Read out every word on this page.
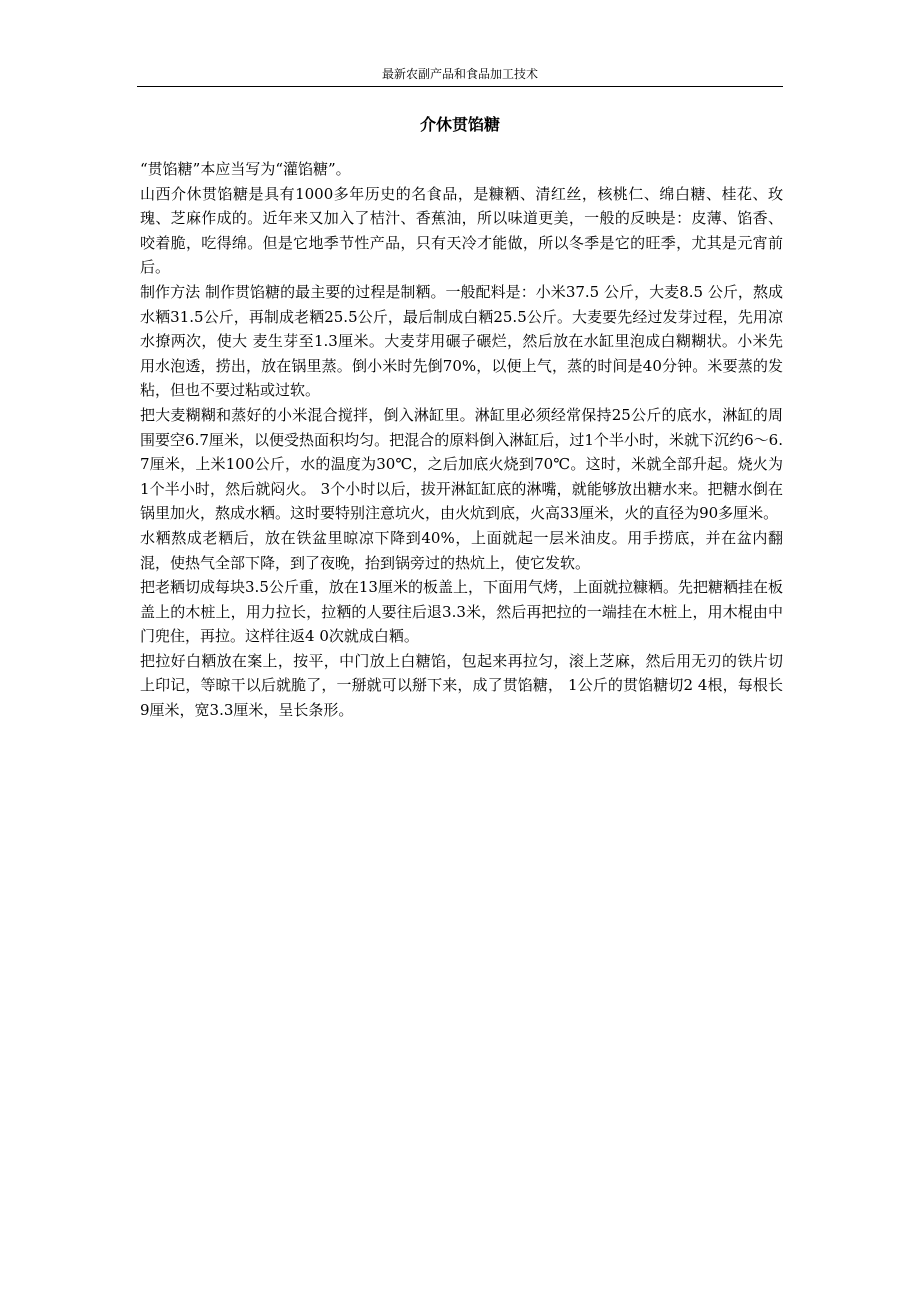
最新农副产品和食品加工技术
介休贯馅糖

“贯馅糖”本应当写为“灌馅糖”。

山西介休贯馅糖是具有1000多年历史的名食品，是糠粞、清红丝，核桃仁、绵白糖、桂花、玫瑰、芝麻作成的。近年来又加入了桔汁、香蕉油，所以味道更美，一般的反映是：皮薄、馅香、咬着脆，吃得绵。但是它地季节性产品，只有天冷才能做，所以冬季是它的旺季，尤其是元宵前后。

制作方法 制作贯馅糖的最主要的过程是制粞。一般配料是：小米37.5 公斤，大麦8.5 公斤，熬成水粞31.5公斤，再制成老粞25.5公斤，最后制成白粞25.5公斤。大麦要先经过发芽过程，先用凉水撩两次，使大 麦生芽至1.3厘米。大麦芽用碾子碾烂，然后放在水缸里泡成白糊糊状。小米先用水泡透，捞出，放在锅里蒸。倒小米时先倒70%，以便上气，蒸的时间是40分钟。米要蒸的发粘，但也不要过粘或过软。

把大麦糊糊和蒸好的小米混合搅拌，倒入淋缸里。淋缸里必须经常保持25公斤的底水，淋缸的周围要空6.7厘米，以便受热面积均匀。把混合的原料倒入淋缸后，过1个半小时，米就下沉约6～6.7厘米，上米100公斤，水的温度为30℃，之后加底火烧到70℃。这时，米就全部升起。烧火为1个半小时，然后就闷火。 3个小时以后，拔开淋缸缸底的淋嘴，就能够放出糖水来。把糖水倒在锅里加火，熬成水粞。这时要特别注意坑火，由火炕到底，火高33厘米，火的直径为90多厘米。

水粞熬成老粞后，放在铁盆里晾凉下降到40%，上面就起一层米油皮。用手捞底，并在盆内翻混，使热气全部下降，到了夜晚，抬到锅旁过的热炕上，使它发软。

把老粞切成每块3.5公斤重，放在13厘米的板盖上，下面用气烤，上面就拉糠粞。先把糖粞挂在板盖上的木桩上，用力拉长，拉粞的人要往后退3.3米，然后再把拉的一端挂在木桩上，用木棍由中门兜住，再拉。这样往返4 0次就成白粞。

把拉好白粞放在案上，按平，中门放上白糖馅，包起来再拉匀，滚上芝麻，然后用无刃的铁片切上印记，等晾干以后就脆了，一掰就可以掰下来，成了贯馅糖， 1公斤的贯馅糖切2 4根，每根长9厘米，宽3.3厘米，呈长条形。
